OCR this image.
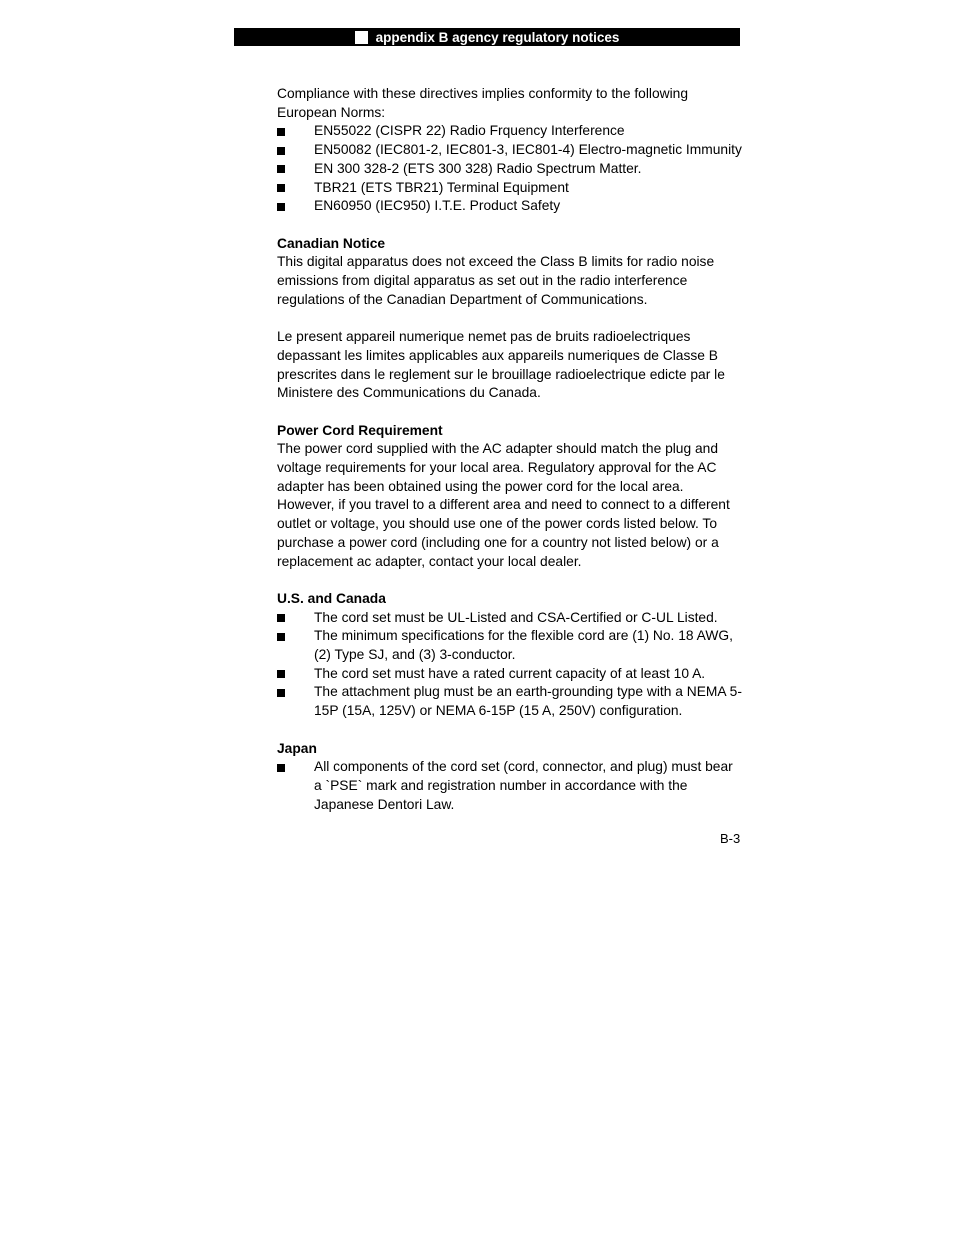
appendix B agency regulatory notices

Compliance with these directives implies conformity to the following European Norms:

EN55022 (CISPR 22) Radio Frquency Interference
EN50082 (IEC801-2, IEC801-3, IEC801-4) Electro-magnetic Immunity
EN 300 328-2 (ETS 300 328) Radio Spectrum Matter.
TBR21 (ETS TBR21) Terminal Equipment
EN60950 (IEC950) I.T.E. Product Safety

Canadian Notice

This digital apparatus does not exceed the Class B limits for radio noise emissions from digital apparatus as set out in the radio interference regulations of the Canadian Department of Communications.

Le present appareil numerique nemet pas de bruits radioelectriques depassant les limites applicables aux appareils numeriques de Classe B prescrites dans le reglement sur le brouillage radioelectrique edicte par le Ministere des Communications du Canada.

Power Cord Requirement

The power cord supplied with the AC adapter should match the plug and voltage requirements for your local area. Regulatory approval for the AC adapter has been obtained using the power cord for the local area. However, if you travel to a different area and need to connect to a different outlet or voltage, you should use one of the power cords listed below. To purchase a power cord (including one for a country not listed below) or a replacement ac adapter, contact your local dealer.

U.S. and Canada

The cord set must be UL-Listed and CSA-Certified or C-UL Listed.
The minimum specifications for the flexible cord are (1) No. 18 AWG, (2) Type SJ, and (3) 3-conductor.
The cord set must have a rated current capacity of at least 10 A.
The attachment plug must be an earth-grounding type with a NEMA 5-15P (15A, 125V) or NEMA 6-15P (15 A, 250V) configuration.

Japan

All components of the cord set (cord, connector, and plug) must bear a `PSE` mark and registration number in accordance with the Japanese Dentori Law.
B-3
